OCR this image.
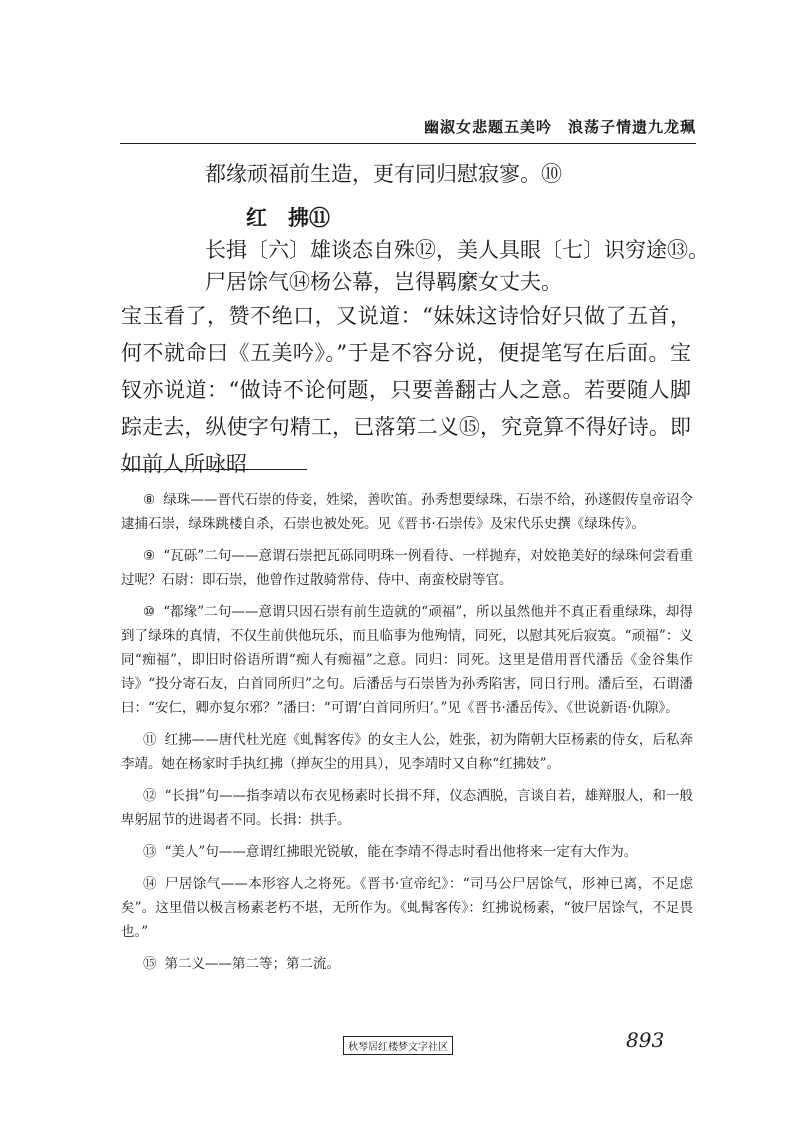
幽淑女悲题五美吟　浪荡子情遗九龙珮
都缘顽福前生造，更有同归慰寂寥。⑩
红　拂⑪
长揖〔六〕雄谈态自殊⑫，美人具眼〔七〕识穷途⑬。
尸居馀气⑭杨公幕，岂得羁縻女丈夫。
宝玉看了，赞不绝口，又说道：“妹妹这诗恰好只做了五首，何不就命曰《五美吟》。”于是不容分说，便提笔写在后面。宝钗亦说道：“做诗不论何题，只要善翻古人之意。若要随人脚踪走去，纵使字句精工，已落第二义⑮，究竟算不得好诗。即如前人所咏昭

⑧ 绿珠——晋代石崇的侍妾，姓梁，善吹笛。孙秀想要绿珠，石崇不给，孙遂假传皇帝诏令逮捕石崇，绿珠跳楼自杀，石崇也被处死。见《晋书·石崇传》及宋代乐史撰《绿珠传》。

⑨ “瓦砾”二句——意谓石崇把瓦砾同明珠一例看待、一样抛弃，对姣艳美好的绿珠何尝看重过呢？石尉：即石崇，他曾作过散骑常侍、侍中、南蛮校尉等官。

⑩ “都缘”二句——意谓只因石崇有前生造就的“顽福”，所以虽然他并不真正看重绿珠，却得到了绿珠的真情，不仅生前供他玩乐，而且临事为他殉情，同死，以慰其死后寂寞。“顽福”：义同“痴福”，即旧时俗语所谓“痴人有痴福”之意。同归：同死。这里是借用晋代潘岳《金谷集作诗》“投分寄石友，白首同所归”之句。后潘岳与石崇皆为孙秀陷害，同日行刑。潘后至，石谓潘曰：“安仁，卿亦复尔邪？”潘曰：“可谓‘白首同所归’。”见《晋书·潘岳传》、《世说新语·仇隙》。

⑪ 红拂——唐代杜光庭《虬髯客传》的女主人公，姓张，初为隋朝大臣杨素的侍女，后私奔李靖。她在杨家时手执红拂（掸灰尘的用具），见李靖时又自称“红拂妓”。

⑫ “长揖”句——指李靖以布衣见杨素时长揖不拜，仪态洒脱，言谈自若，雄辩服人，和一般卑躬屈节的进谒者不同。长揖：拱手。

⑬ “美人”句——意谓红拂眼光锐敏，能在李靖不得志时看出他将来一定有大作为。

⑭ 尸居馀气——本形容人之将死。《晋书·宣帝纪》：“司马公尸居馀气，形神已离，不足虑矣”。这里借以极言杨素老朽不堪，无所作为。《虬髯客传》：红拂说杨素，“彼尸居馀气，不足畏也。”

⑮ 第二义——第二等；第二流。

秋琴居红楼梦文字社区	893
